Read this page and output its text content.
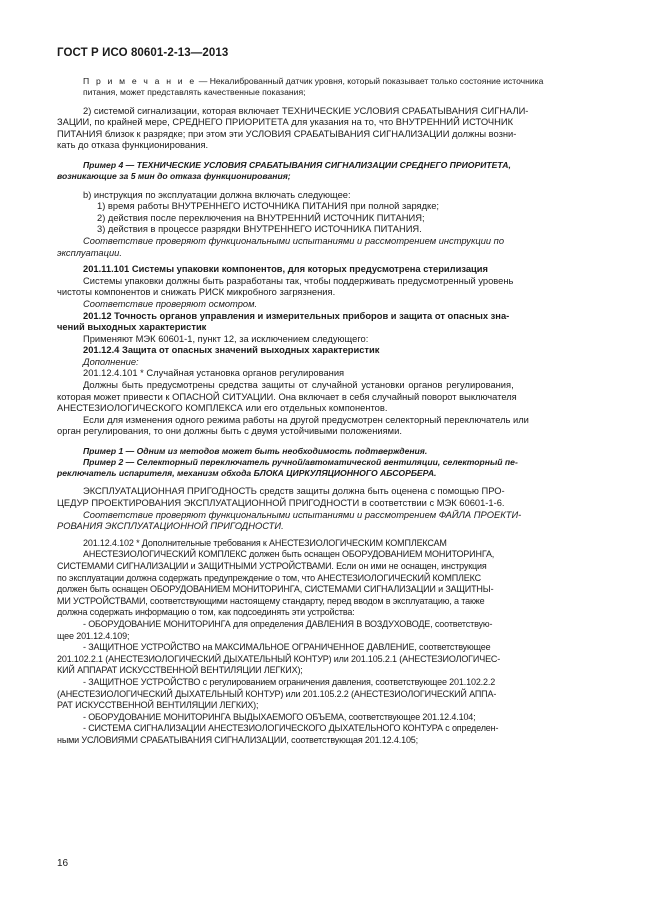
ГОСТ Р ИСО 80601-2-13—2013

П р и м е ч а н и е — Некалиброванный датчик уровня, который показывает только состояние источника
питания, может представлять качественные показания;

2) системой сигнализации, которая включает ТЕХНИЧЕСКИЕ УСЛОВИЯ СРАБАТЫВАНИЯ СИГНАЛИ-

ЗАЦИИ, по крайней мере, СРЕДНЕГО ПРИОРИТЕТА для указания на то, что ВНУТРЕННИЙ ИСТОЧНИК
ПИТАНИЯ близок к разрядке; при этом эти УСЛОВИЯ СРАБАТЫВАНИЯ СИГНАЛИЗАЦИИ должны возни-
кать до отказа функционирования.

Пример 4 — ТЕХНИЧЕСКИЕ УСЛОВИЯ СРАБАТЫВАНИЯ СИГНАЛИЗАЦИИ СРЕДНЕГО ПРИОРИТЕТА,

возникающие за 5 мин до отказа функционирования;

b) инструкция по эксплуатации должна включать следующее:

1) время работы ВНУТРЕННЕГО ИСТОЧНИКА ПИТАНИЯ при полной зарядке;
2) действия после переключения на ВНУТРЕННИЙ ИСТОЧНИК ПИТАНИЯ;
3) действия в процессе разрядки ВНУТРЕННЕГО ИСТОЧНИКА ПИТАНИЯ.

Соответствие проверяют функциональными испытаниями и рассмотрением инструкции по

эксплуатации.

201.11.101 Системы упаковки компонентов, для которых предусмотрена стерилизация

Системы упаковки должны быть разработаны так, чтобы поддерживать предусмотренный уровень

чистоты компонентов и снижать РИСК микробного загрязнения.

Соответствие проверяют осмотром.

201.12 Точность органов управления и измерительных приборов и защита от опасных зна-

чений выходных характеристик

Применяют МЭК 60601-1, пункт 12, за исключением следующего:

201.12.4 Защита от опасных значений выходных характеристик

Дополнение:

201.12.4.101 * Случайная установка органов регулирования

Должны быть предусмотрены средства защиты от случайной установки органов регулирования,

которая может привести к ОПАСНОЙ СИТУАЦИИ. Она включает в себя случайный поворот выключателя
АНЕСТЕЗИОЛОГИЧЕСКОГО КОМПЛЕКСА или его отдельных компонентов.

Если для изменения одного режима работы на другой предусмотрен селекторный переключатель или

орган регулирования, то они должны быть с двумя устойчивыми положениями.

Пример 1 — Одним из методов может быть необходимость подтверждения.

Пример 2 — Селекторный переключатель ручной/автоматической вентиляции, селекторный пе-

реключатель испарителя, механизм обхода БЛОКА ЦИРКУЛЯЦИОННОГО АБСОРБЕРА.

ЭКСПЛУАТАЦИОННАЯ ПРИГОДНОСТЬ средств защиты должна быть оценена с помощью ПРО-

ЦЕДУР ПРОЕКТИРОВАНИЯ ЭКСПЛУАТАЦИОННОЙ ПРИГОДНОСТИ в соответствии с МЭК 60601-1-6.

Соответствие проверяют функциональными испытаниями и рассмотрением ФАЙЛА ПРОЕКТИ-

РОВАНИЯ ЭКСПЛУАТАЦИОННОЙ ПРИГОДНОСТИ.

201.12.4.102 * Дополнительные требования к АНЕСТЕЗИОЛОГИЧЕСКИМ КОМПЛЕКСАМ

АНЕСТЕЗИОЛОГИЧЕСКИЙ КОМПЛЕКС должен быть оснащен ОБОРУДОВАНИЕМ МОНИТОРИНГА,

СИСТЕМАМИ СИГНАЛИЗАЦИИ и ЗАЩИТНЫМИ УСТРОЙСТВАМИ. Если он ими не оснащен, инструкция
по эксплуатации должна содержать предупреждение о том, что АНЕСТЕЗИОЛОГИЧЕСКИЙ КОМПЛЕКС
должен быть оснащен ОБОРУДОВАНИЕМ МОНИТОРИНГА, СИСТЕМАМИ СИГНАЛИЗАЦИИ и ЗАЩИТНЫ-
МИ УСТРОЙСТВАМИ, соответствующими настоящему стандарту, перед вводом в эксплуатацию, а также
должна содержать информацию о том, как подсоединять эти устройства:

- ОБОРУДОВАНИЕ МОНИТОРИНГА для определения ДАВЛЕНИЯ В ВОЗДУХОВОДЕ, соответствую-

щее 201.12.4.109;

- ЗАЩИТНОЕ УСТРОЙСТВО на МАКСИМАЛЬНОЕ ОГРАНИЧЕННОЕ ДАВЛЕНИЕ, соответствующее

201.102.2.1 (АНЕСТЕЗИОЛОГИЧЕСКИЙ ДЫХАТЕЛЬНЫЙ КОНТУР) или 201.105.2.1 (АНЕСТЕЗИОЛОГИЧЕС-
КИЙ АППАРАТ ИСКУССТВЕННОЙ ВЕНТИЛЯЦИИ ЛЕГКИХ);

- ЗАЩИТНОЕ УСТРОЙСТВО с регулированием ограничения давления, соответствующее 201.102.2.2

(АНЕСТЕЗИОЛОГИЧЕСКИЙ ДЫХАТЕЛЬНЫЙ КОНТУР) или 201.105.2.2 (АНЕСТЕЗИОЛОГИЧЕСКИЙ АППА-
РАТ ИСКУССТВЕННОЙ ВЕНТИЛЯЦИИ ЛЕГКИХ);

- ОБОРУДОВАНИЕ МОНИТОРИНГА ВЫДЫХАЕМОГО ОБЪЕМА, соответствующее 201.12.4.104;

- СИСТЕМА СИГНАЛИЗАЦИИ АНЕСТЕЗИОЛОГИЧЕСКОГО ДЫХАТЕЛЬНОГО КОНТУРА с определен-

ными УСЛОВИЯМИ СРАБАТЫВАНИЯ СИГНАЛИЗАЦИИ, соответствующая 201.12.4.105;

16
